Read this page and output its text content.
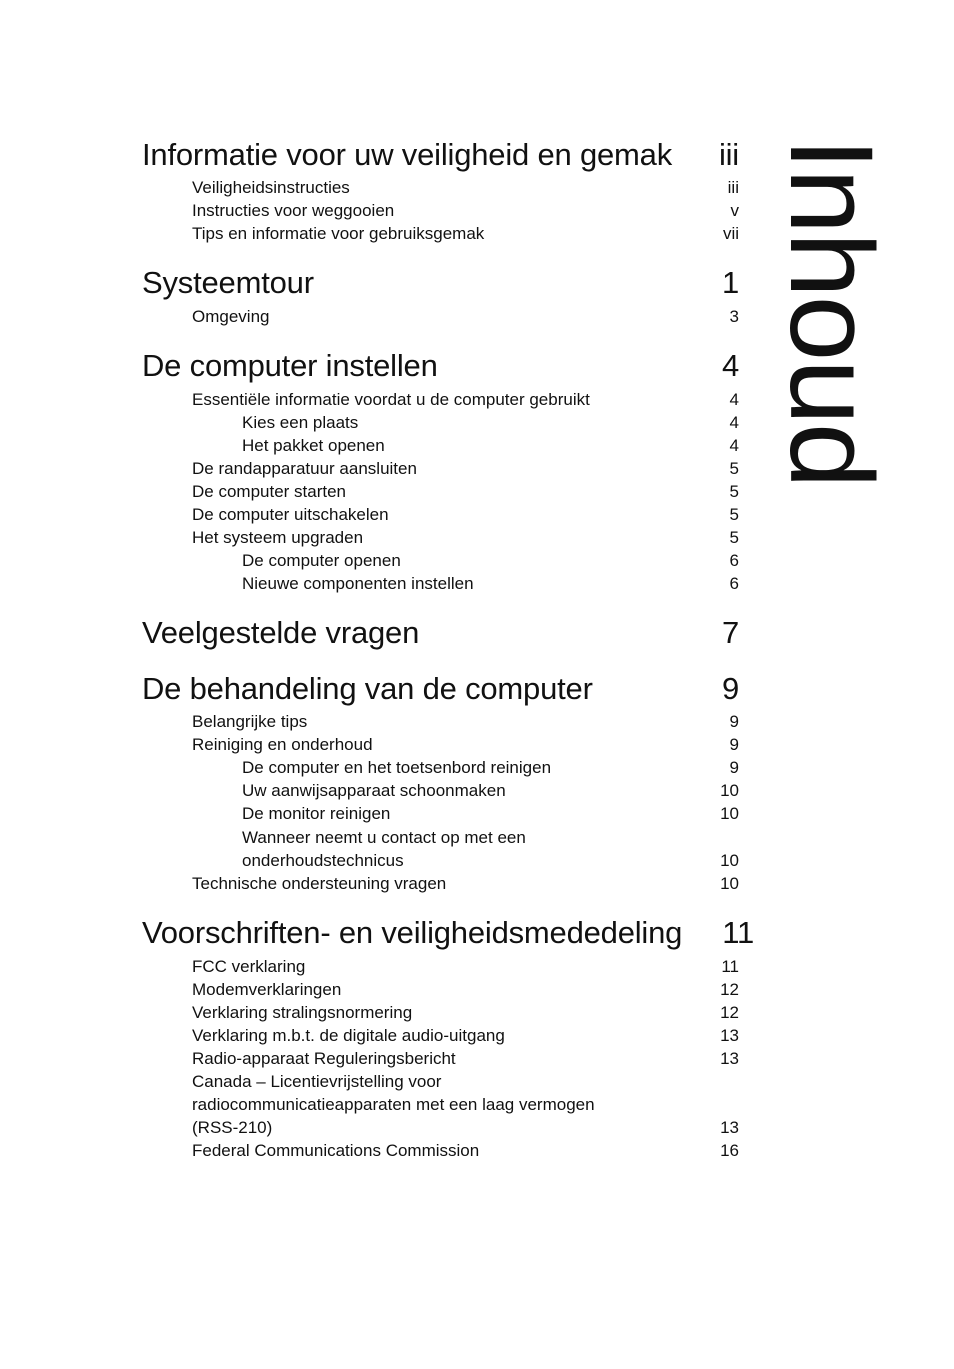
Inhoud
Informatie voor uw veiligheid en gemak iii
Veiligheidsinstructies	iii
Instructies voor weggooien	v
Tips en informatie voor gebruiksgemak	vii
Systeemtour	1
Omgeving	3
De computer instellen	4
Essentiële informatie voordat u de computer gebruikt	4
Kies een plaats	4
Het pakket openen	4
De randapparatuur aansluiten	5
De computer starten	5
De computer uitschakelen	5
Het systeem upgraden	5
De computer openen	6
Nieuwe componenten instellen	6
Veelgestelde vragen	7
De behandeling van de computer	9
Belangrijke tips	9
Reiniging en onderhoud	9
De computer en het toetsenbord reinigen	9
Uw aanwijsapparaat schoonmaken	10
De monitor reinigen	10
Wanneer neemt u contact op met een
onderhoudstechnicus	10
Technische ondersteuning vragen	10
Voorschriften- en veiligheidsmededeling 11
FCC verklaring	11
Modemverklaringen	12
Verklaring stralingsnormering	12
Verklaring m.b.t. de digitale audio-uitgang	13
Radio-apparaat Reguleringsbericht	13
Canada – Licentievrijstelling voor
radiocommunicatieapparaten met een laag vermogen
(RSS-210)	13
Federal Communications Commission	16
